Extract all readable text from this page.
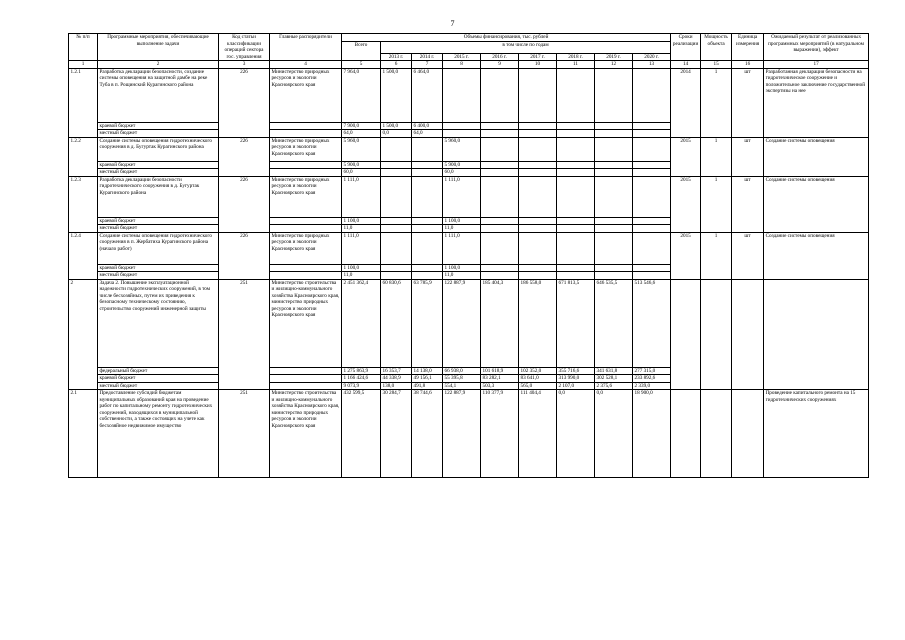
7
№ п/п	Программные мероприятия, обеспечивающие выполнение задачи	Код статьи классификации операций сектора гос. управления	Главные распорядители	Объемы финансирования, тыс. рублей									Сроки реализации	Мощность объекта	Единица измерения	Ожидаемый результат от реализованных программных мероприятий (в натуральном выражении), эффект
				Всего	в том числе по годам											
					2013 г.	2014 г.	2015 г.	2016 г.	2017 г.	2018 г.	2019 г.	2020 г.				
1	2	3	4	5	6	7	8	9	10	11	12	13	14	15	16	17
1.2.1	Разработка декларации безопасности, создание системы оповещения на защитной дамбе на реке Туба в п. Рощинский Курагинского района	226	Министерство природных ресурсов и экологии Красноярского края	7 964,0	1 500,0	6 464,0							2014	1	шт	Разработанная декларация безопасности на гидротехническое сооружение и положительное заключение государственной экспертизы на нее
	краевой бюджет			7 900,0	1 500,0	6 400,0										
	местный бюджет			64,0	0,0	64,0										
1.2.2	Создание системы оповещения гидротехнического сооружения в д. Бугуртак Курагинского района	226	Министерство природных ресурсов и экологии Красноярского края	5 960,0			5 960,0						2015	1	шт	Создание системы оповещения
	краевой бюджет			5 900,0			5 900,0									
	местный бюджет			60,0			60,0									
1.2.3	Разработка декларации безопасности гидротехнического сооружения в д. Бугуртак Курагинского района	226	Министерство природных ресурсов и экологии Красноярского края	1 111,0			1 111,0						2015	1	шт	Создание системы оповещения
	краевой бюджет			1 100,0			1 100,0									
	местный бюджет			11,0			11,0									
1.2.4	Создание системы оповещения гидротехнического сооружения в п. Жербатиха Курагинского района (начало работ)	226	Министерство природных ресурсов и экологии Красноярского края	1 111,0			1 111,0						2015	1	шт	Создание системы оповещения
	краевой бюджет			1 100,0			1 100,0									
	местный бюджет			11,0			11,0									
2	Задача 2. Повышение эксплуатационной надежности гидротехнических сооружений, в том числе бесхозяйных, путем их приведения к безопасному техническому состоянию, строительство сооружений инженерной защиты	251	Министерство строительства и жилищно-коммунального хозяйства Красноярского края, министерство природных ресурсов и экологии Красноярского края	2 451 362,4	60 830,6	63 785,9	122 887,9	185 404,3	186 558,0	671 813,5	646 535,5	513 546,6				
	федеральный бюджет			1 275 863,9	16 353,7	14 138,0	66 938,0	101 618,9	102 352,0	355 716,6	341 631,8	277 315,0				
	краевой бюджет			1 166 424,6	44 338,9	49 156,1	55 395,8	83 282,1	83 641,0	313 990,0	302 528,1	233 892,6				
	местный бюджет			9 073,9	138,0	491,8	554,1	503,3	565,0	2 107,0	2 375,6	2 339,0				
2.1	Предоставление субсидий бюджетам муниципальных образований края на проведение работ по капитальному ремонту гидротехнических сооружений, находящихся в муниципальной собственности, а также состоящих на учете как бесхозяйное недвижимое имущество	251	Министерство строительства и жилищно-коммунального хозяйства Красноярского края, министерство природных ресурсов и экологии Красноярского края	432 599,5	30 284,7	38 744,6	122 887,9	110 377,9	111 404,4	0,0	0,0	18 900,0				Проведение капитального ремонта на 15 гидротехнических сооружениях
